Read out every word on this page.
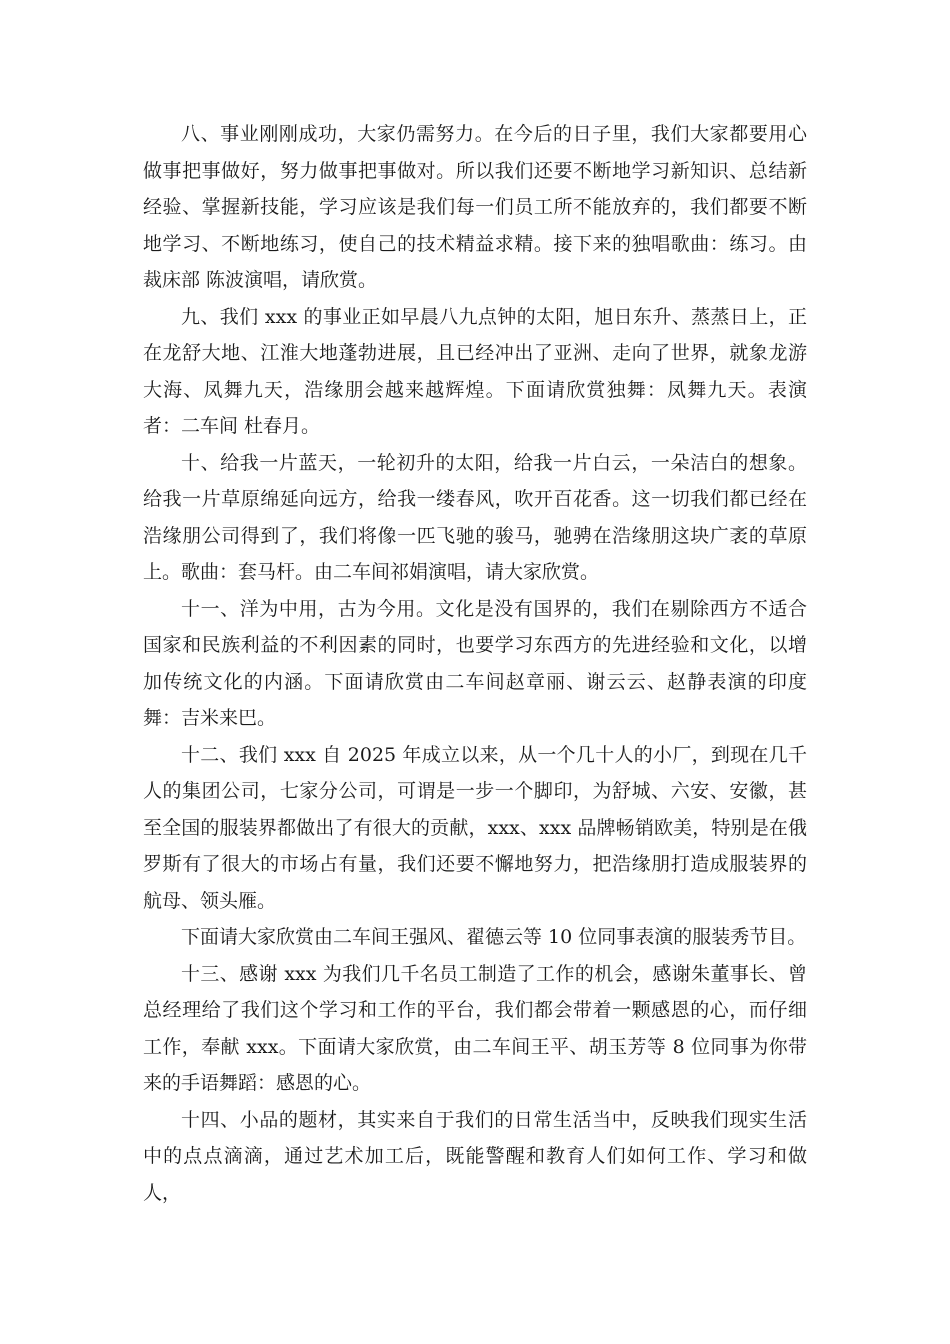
八、事业刚刚成功，大家仍需努力。在今后的日子里，我们大家都要用心做事把事做好，努力做事把事做对。所以我们还要不断地学习新知识、总结新经验、掌握新技能，学习应该是我们每一们员工所不能放弃的，我们都要不断地学习、不断地练习，使自己的技术精益求精。接下来的独唱歌曲：练习。由裁床部 陈波演唱，请欣赏。

九、我们 xxx 的事业正如早晨八九点钟的太阳，旭日东升、蒸蒸日上，正在龙舒大地、江淮大地蓬勃进展，且已经冲出了亚洲、走向了世界，就象龙游大海、凤舞九天，浩缘朋会越来越辉煌。下面请欣赏独舞：凤舞九天。表演者：二车间 杜春月。

十、给我一片蓝天，一轮初升的太阳，给我一片白云，一朵洁白的想象。给我一片草原绵延向远方，给我一缕春风，吹开百花香。这一切我们都已经在浩缘朋公司得到了，我们将像一匹飞驰的骏马，驰骋在浩缘朋这块广袤的草原上。歌曲：套马杆。由二车间祁娟演唱，请大家欣赏。

十一、洋为中用，古为今用。文化是没有国界的，我们在剔除西方不适合国家和民族利益的不利因素的同时，也要学习东西方的先进经验和文化，以增加传统文化的内涵。下面请欣赏由二车间赵章丽、谢云云、赵静表演的印度舞：吉米来巴。

十二、我们 xxx 自 2025 年成立以来，从一个几十人的小厂，到现在几千人的集团公司，七家分公司，可谓是一步一个脚印，为舒城、六安、安徽，甚至全国的服装界都做出了有很大的贡献，xxx、xxx 品牌畅销欧美，特别是在俄罗斯有了很大的市场占有量，我们还要不懈地努力，把浩缘朋打造成服装界的航母、领头雁。

下面请大家欣赏由二车间王强风、翟德云等 10 位同事表演的服装秀节目。

十三、感谢 xxx 为我们几千名员工制造了工作的机会，感谢朱董事长、曾总经理给了我们这个学习和工作的平台，我们都会带着一颗感恩的心，而仔细工作，奉献 xxx。下面请大家欣赏，由二车间王平、胡玉芳等 8 位同事为你带来的手语舞蹈：感恩的心。

十四、小品的题材，其实来自于我们的日常生活当中，反映我们现实生活中的点点滴滴，通过艺术加工后，既能警醒和教育人们如何工作、学习和做人，
